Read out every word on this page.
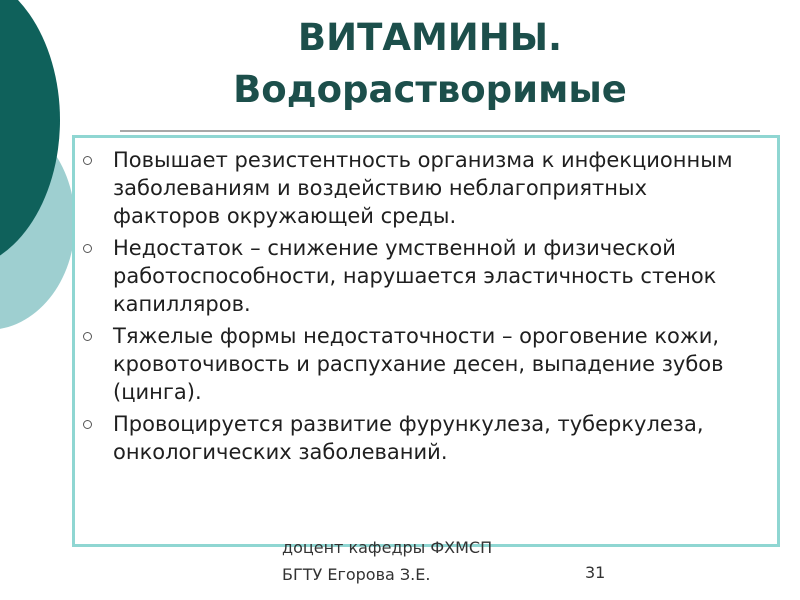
ВИТАМИНЫ.
Водорастворимые
Повышает резистентность организма к инфекционным заболеваниям и воздействию неблагоприятных факторов окружающей среды.
Недостаток – снижение умственной и физической работоспособности, нарушается эластичность стенок капилляров.
Тяжелые формы недостаточности – ороговение кожи, кровоточивость и распухание десен, выпадение зубов (цинга).
Провоцируется развитие фурункулеза, туберкулеза, онкологических заболеваний.
доцент кафедры ФХМСП
БГТУ Егорова З.Е.	31
